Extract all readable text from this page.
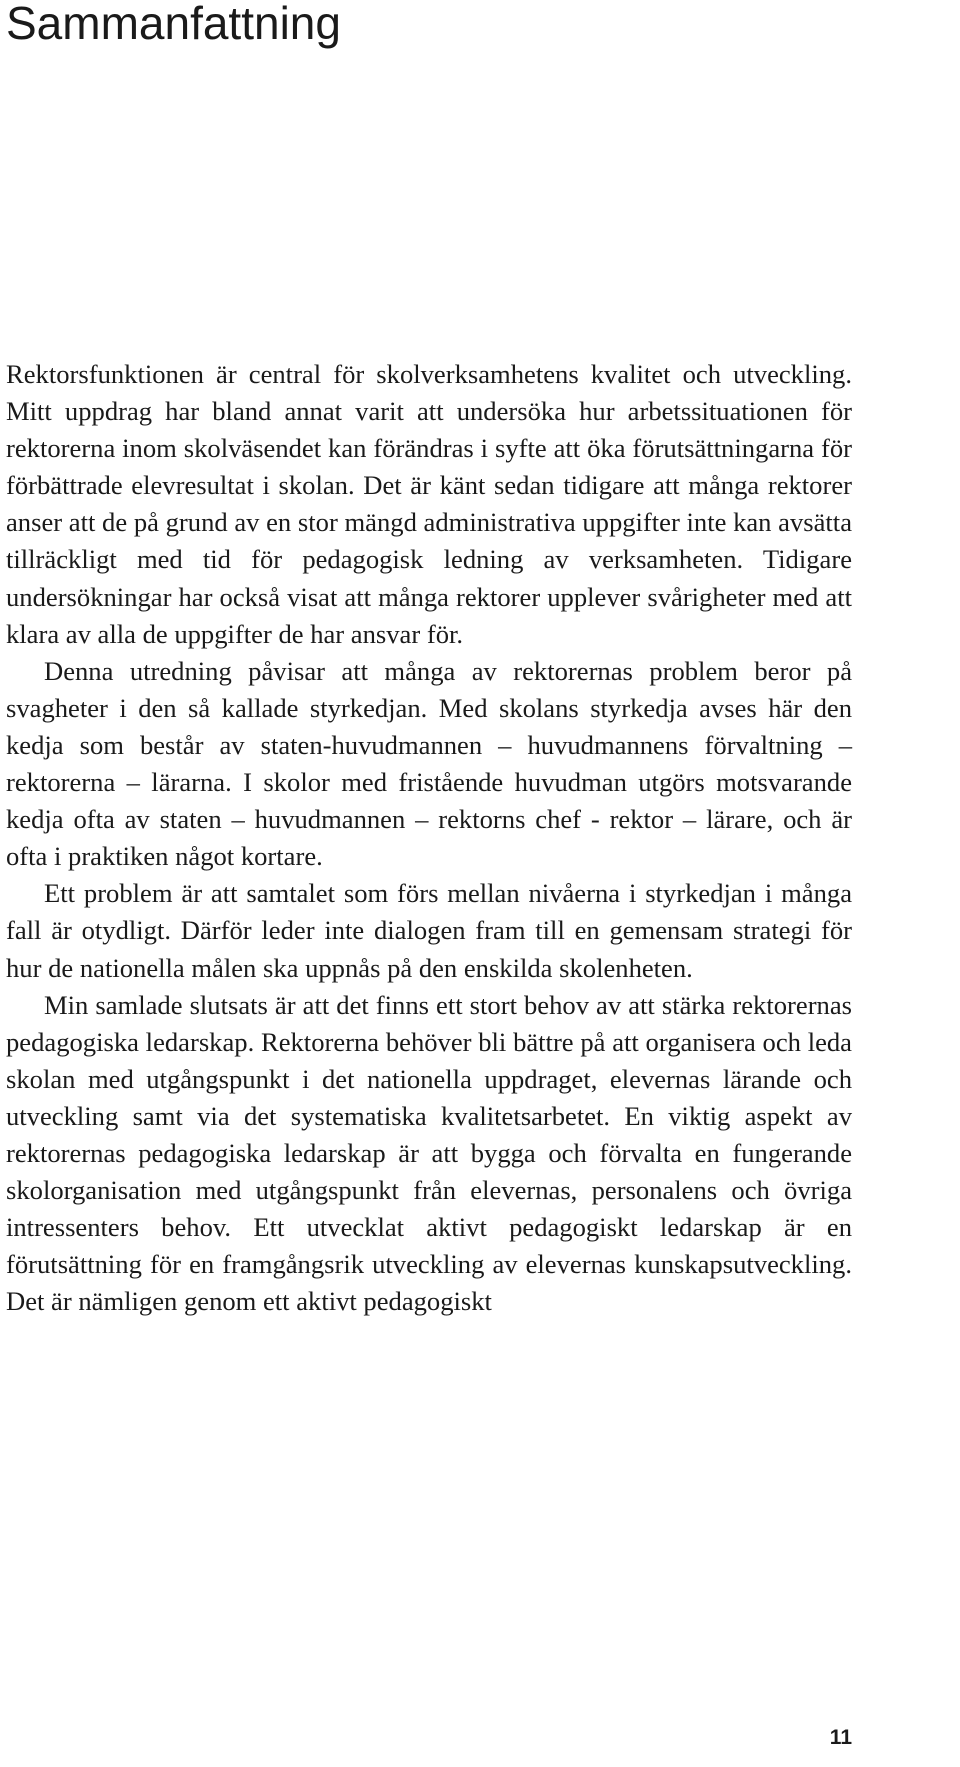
Sammanfattning

Rektorsfunktionen är central för skolverksamhetens kvalitet och utveckling. Mitt uppdrag har bland annat varit att undersöka hur arbetssituationen för rektorerna inom skolväsendet kan förändras i syfte att öka förutsättningarna för förbättrade elevresultat i skolan. Det är känt sedan tidigare att många rektorer anser att de på grund av en stor mängd administrativa uppgifter inte kan avsätta tillräckligt med tid för pedagogisk ledning av verksamheten. Tidigare undersökningar har också visat att många rektorer upplever svårigheter med att klara av alla de uppgifter de har ansvar för.

Denna utredning påvisar att många av rektorernas problem beror på svagheter i den så kallade styrkedjan. Med skolans styrkedja avses här den kedja som består av staten-huvudmannen – huvudmannens förvaltning – rektorerna – lärarna. I skolor med fristående huvudman utgörs motsvarande kedja ofta av staten – huvudmannen – rektorns chef - rektor – lärare, och är ofta i praktiken något kortare.

Ett problem är att samtalet som förs mellan nivåerna i styrkedjan i många fall är otydligt. Därför leder inte dialogen fram till en gemensam strategi för hur de nationella målen ska uppnås på den enskilda skolenheten.

Min samlade slutsats är att det finns ett stort behov av att stärka rektorernas pedagogiska ledarskap. Rektorerna behöver bli bättre på att organisera och leda skolan med utgångspunkt i det nationella uppdraget, elevernas lärande och utveckling samt via det systematiska kvalitetsarbetet. En viktig aspekt av rektorernas pedagogiska ledarskap är att bygga och förvalta en fungerande skolorganisation med utgångspunkt från elevernas, personalens och övriga intressenters behov. Ett utvecklat aktivt pedagogiskt ledarskap är en förutsättning för en framgångsrik utveckling av elevernas kunskapsutveckling. Det är nämligen genom ett aktivt pedagogiskt

11
